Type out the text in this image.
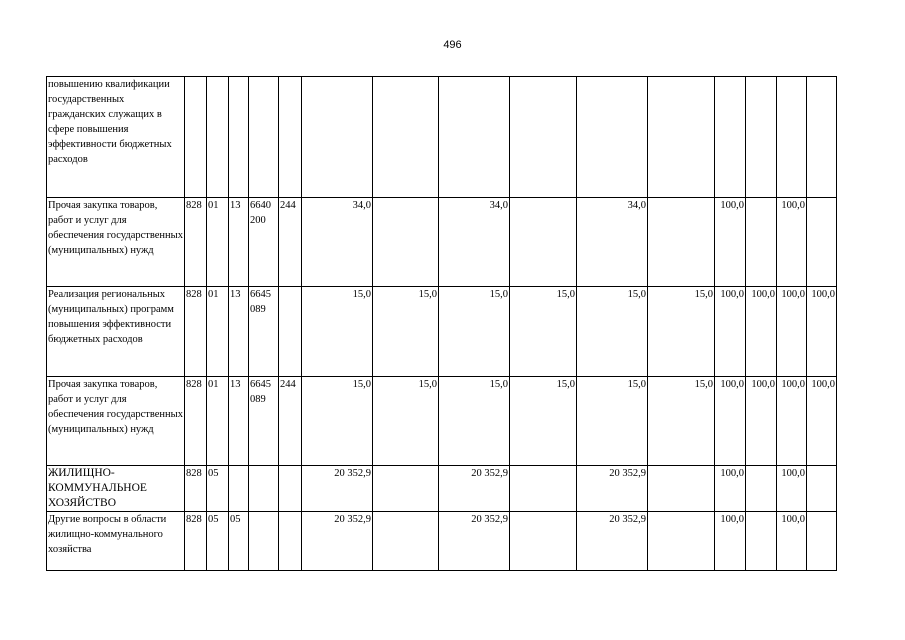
496
повышению квалификации государственных гражданских служащих в сфере повышения эффективности бюджетных расходов															
Прочая закупка товаров, работ и услуг для обеспечения государственных (муниципальных) нужд	828	01	13	6640 200	244	34,0		34,0		34,0		100,0		100,0	
Реализация региональных (муниципальных) программ повышения эффективности бюджетных расходов	828	01	13	6645 089		15,0	15,0	15,0	15,0	15,0	15,0	100,0	100,0	100,0	100,0
Прочая закупка товаров, работ и услуг для обеспечения государственных (муниципальных) нужд	828	01	13	6645 089	244	15,0	15,0	15,0	15,0	15,0	15,0	100,0	100,0	100,0	100,0
ЖИЛИЩНО-КОММУНАЛЬНОЕ ХОЗЯЙСТВО	828	05				20 352,9		20 352,9		20 352,9		100,0		100,0	
Другие вопросы в области жилищно-коммунального хозяйства	828	05	05			20 352,9		20 352,9		20 352,9		100,0		100,0	
